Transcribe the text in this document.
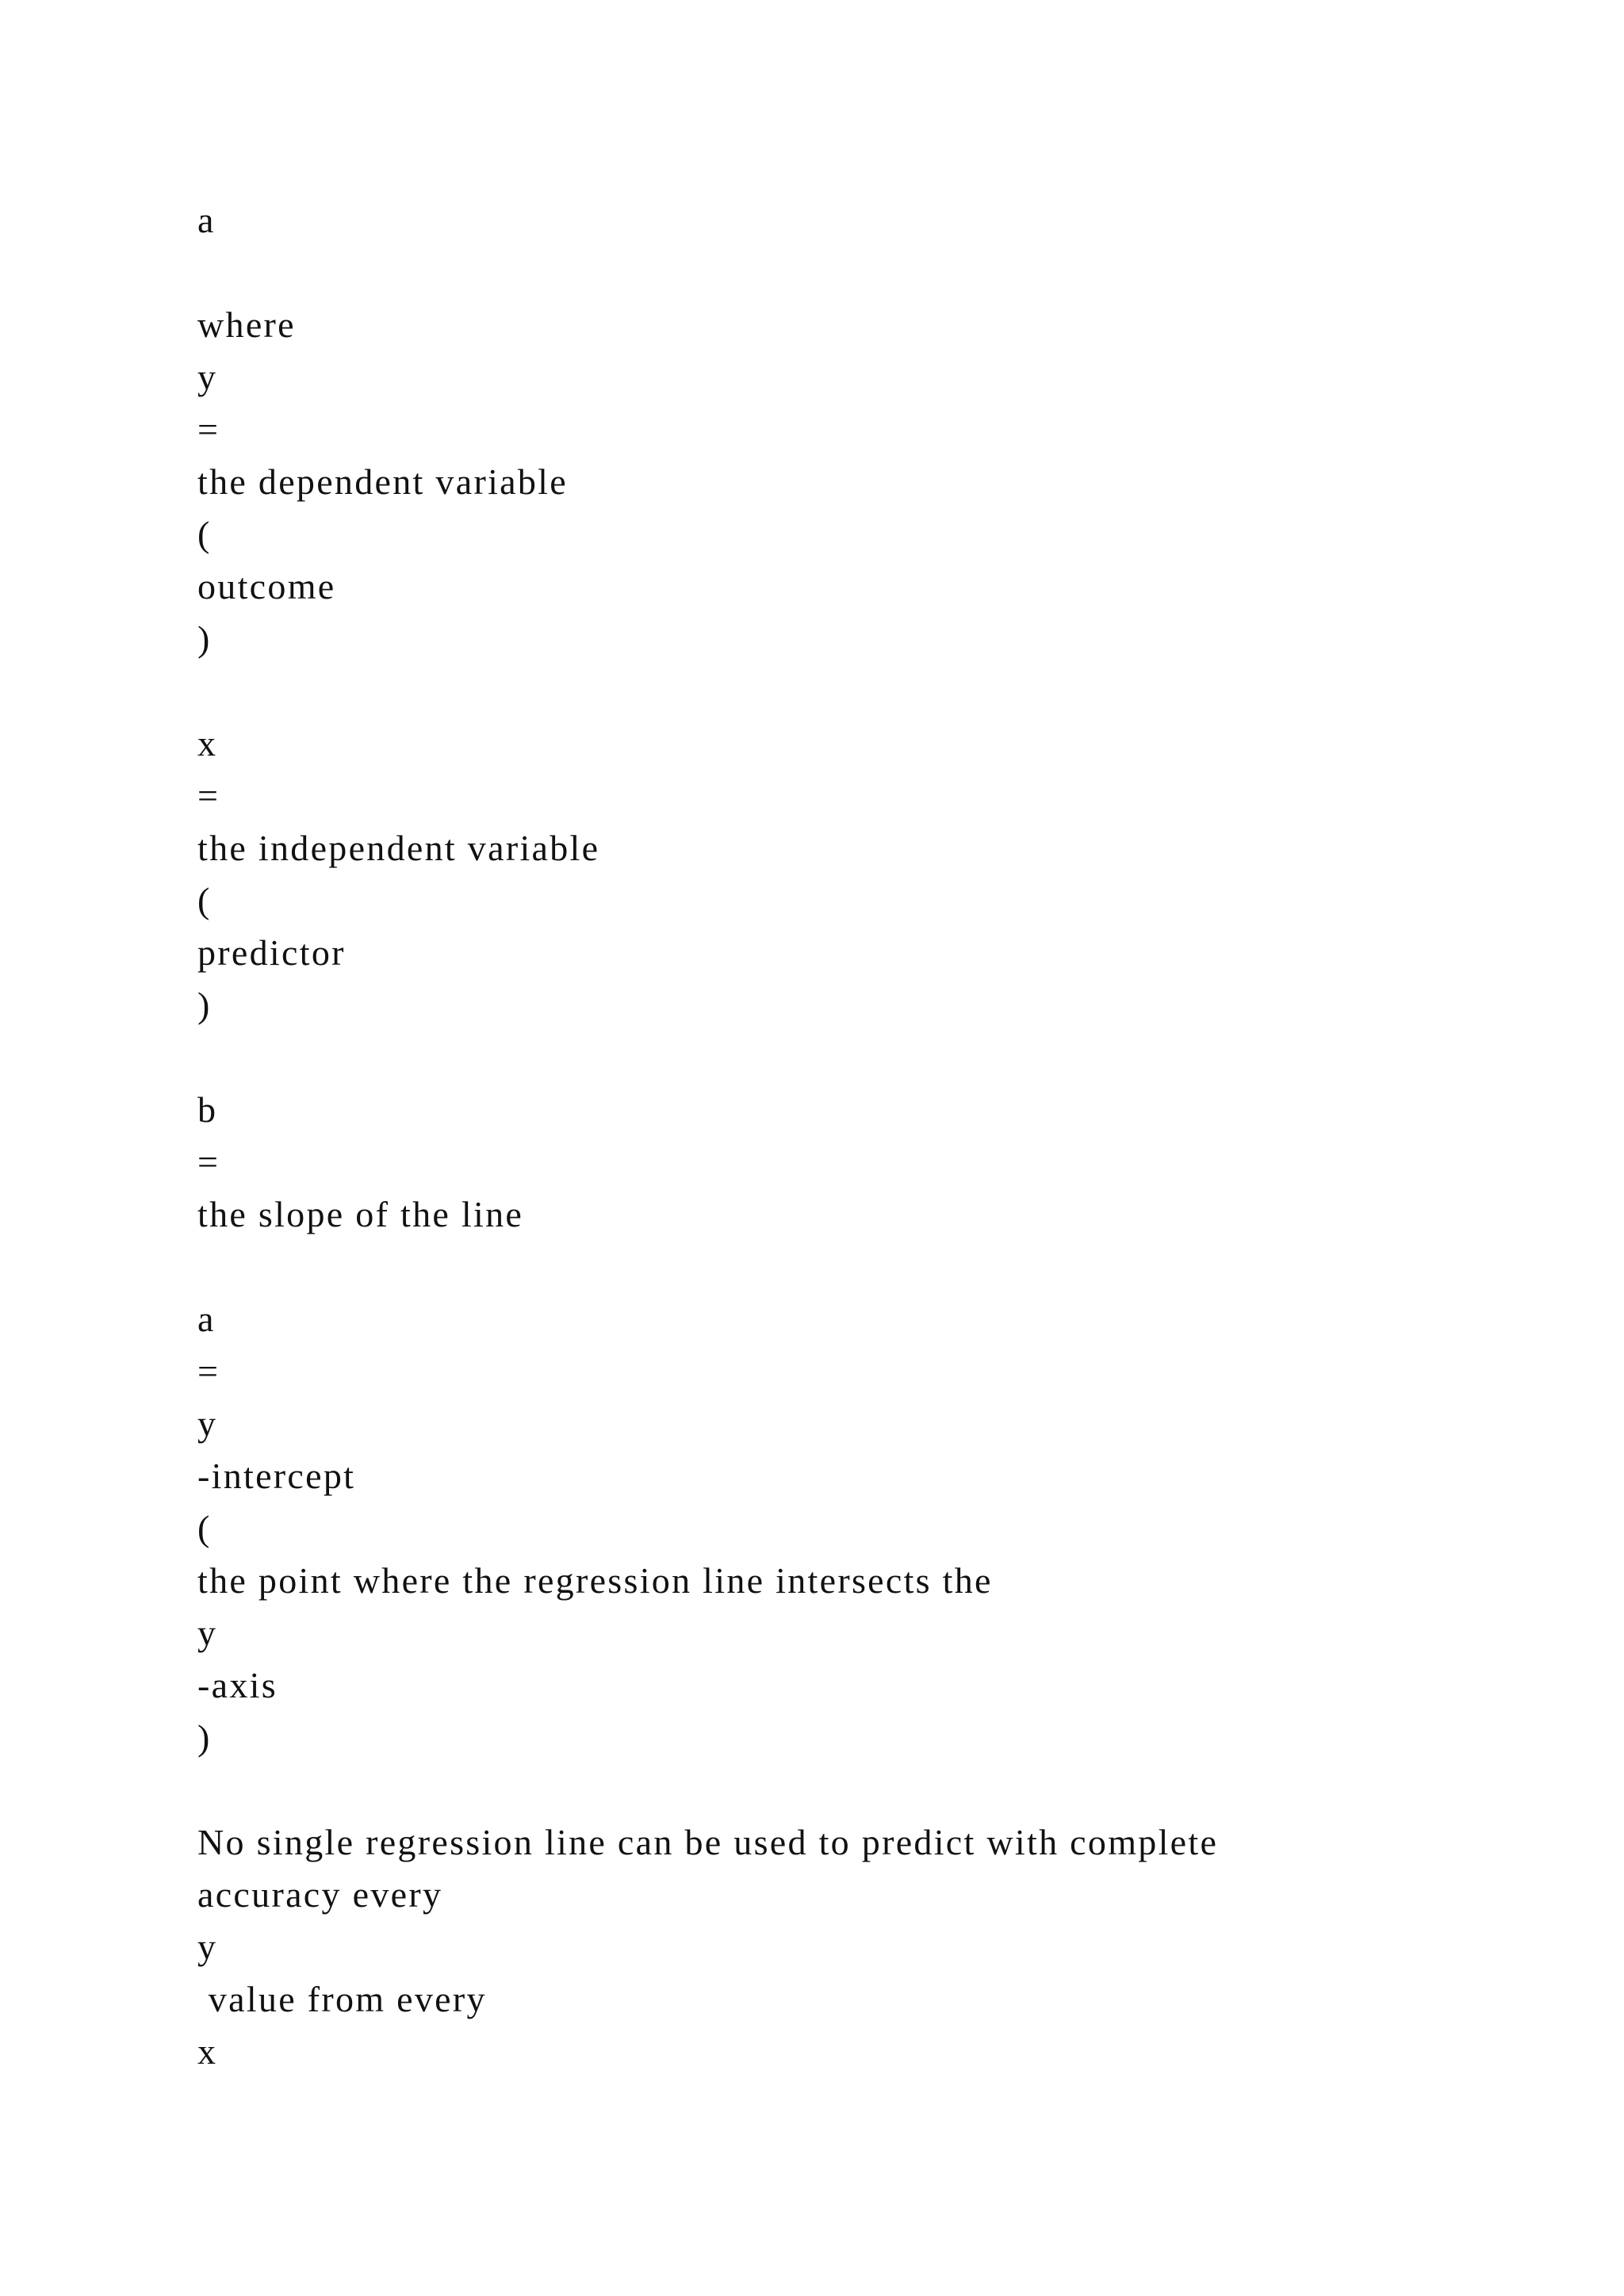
a

where

y

=

the dependent variable

(

outcome

)

x

=

the independent variable

(

predictor

)

b

=

the slope of the line

a

=

y

-intercept

(

the point where the regression line intersects the

y

-axis

)

No single regression line can be used to predict with complete

accuracy every

y

value from every

x
